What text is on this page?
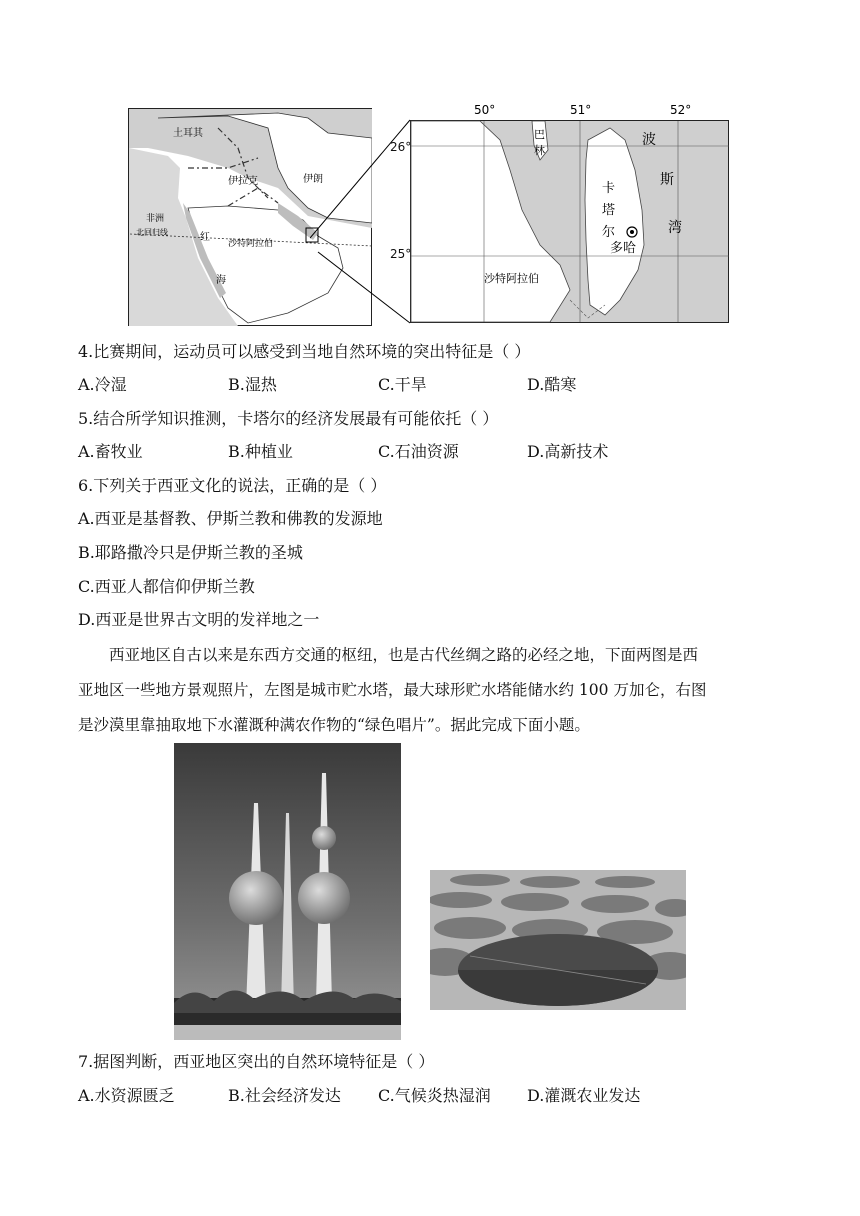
土耳其
伊拉克	伊朗
非洲
北回归线	红
海
沙特阿拉伯
50°	51°	52°
巴
林
卡
塔
尔
多哈
波
斯
湾
沙特阿拉伯
26°
25°
4.比赛期间，运动员可以感受到当地自然环境的突出特征是（ ）
A.冷湿	B.湿热	C.干旱	D.酷寒
5.结合所学知识推测，卡塔尔的经济发展最有可能依托（ ）
A.畜牧业	B.种植业	C.石油资源	D.高新技术
6.下列关于西亚文化的说法，正确的是（ ）
A.西亚是基督教、伊斯兰教和佛教的发源地
B.耶路撒冷只是伊斯兰教的圣城
C.西亚人都信仰伊斯兰教
D.西亚是世界古文明的发祥地之一

西亚地区自古以来是东西方交通的枢纽，也是古代丝绸之路的必经之地，下面两图是西

亚地区一些地方景观照片，左图是城市贮水塔，最大球形贮水塔能储水约 100 万加仑，右图

是沙漠里靠抽取地下水灌溉种满农作物的“绿色唱片”。据此完成下面小题。

7.据图判断，西亚地区突出的自然环境特征是（ ）
A.水资源匮乏	B.社会经济发达 C.气候炎热湿润 D.灌溉农业发达
